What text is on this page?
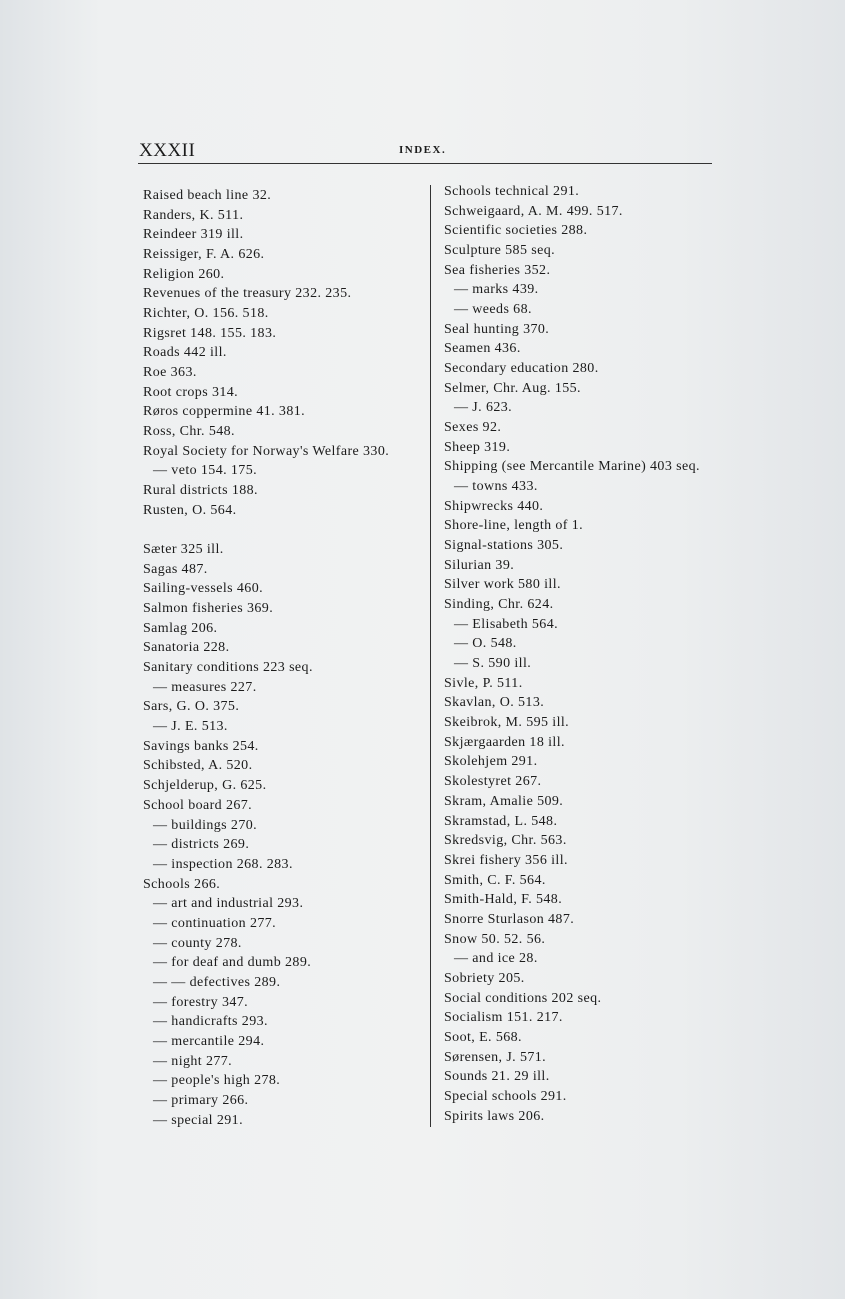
XXXII	INDEX.
Raised beach line 32.
Randers, K. 511.
Reindeer 319 ill.
Reissiger, F. A. 626.
Religion 260.
Revenues of the treasury 232. 235.
Richter, O. 156. 518.
Rigsret 148. 155. 183.
Roads 442 ill.
Roe 363.
Root crops 314.
Røros coppermine 41. 381.
Ross, Chr. 548.
Royal Society for Norway's Welfare 330.
— veto 154. 175.
Rural districts 188.
Rusten, O. 564.
Sæter 325 ill.
Sagas 487.
Sailing-vessels 460.
Salmon fisheries 369.
Samlag 206.
Sanatoria 228.
Sanitary conditions 223 seq.
— measures 227.
Sars, G. O. 375.
— J. E. 513.
Savings banks 254.
Schibsted, A. 520.
Schjelderup, G. 625.
School board 267.
— buildings 270.
— districts 269.
— inspection 268. 283.
Schools 266.
— art and industrial 293.
— continuation 277.
— county 278.
— for deaf and dumb 289.
— — defectives 289.
— forestry 347.
— handicrafts 293.
— mercantile 294.
— night 277.
— people's high 278.
— primary 266.
— special 291.
Schools technical 291.
Schweigaard, A. M. 499. 517.
Scientific societies 288.
Sculpture 585 seq.
Sea fisheries 352.
— marks 439.
— weeds 68.
Seal hunting 370.
Seamen 436.
Secondary education 280.
Selmer, Chr. Aug. 155.
— J. 623.
Sexes 92.
Sheep 319.
Shipping (see Mercantile Marine) 403 seq.
— towns 433.
Shipwrecks 440.
Shore-line, length of 1.
Signal-stations 305.
Silurian 39.
Silver work 580 ill.
Sinding, Chr. 624.
— Elisabeth 564.
— O. 548.
— S. 590 ill.
Sivle, P. 511.
Skavlan, O. 513.
Skeibrok, M. 595 ill.
Skjærgaarden 18 ill.
Skolehjem 291.
Skolestyret 267.
Skram, Amalie 509.
Skramstad, L. 548.
Skredsvig, Chr. 563.
Skrei fishery 356 ill.
Smith, C. F. 564.
Smith-Hald, F. 548.
Snorre Sturlason 487.
Snow 50. 52. 56.
— and ice 28.
Sobriety 205.
Social conditions 202 seq.
Socialism 151. 217.
Soot, E. 568.
Sørensen, J. 571.
Sounds 21. 29 ill.
Special schools 291.
Spirits laws 206.
